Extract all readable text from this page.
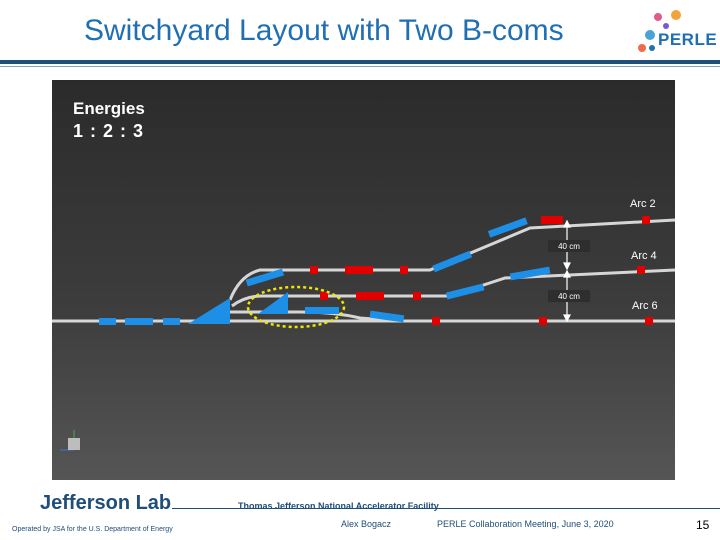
Switchyard Layout with Two B-coms	PERLE
Energies
1 : 2 : 3
40 cm
40 cm
Arc 2
Arc 4
Arc 6
Jefferson Lab
Operated by JSA for the U.S. Department of Energy
Thomas Jefferson National Accelerator Facility
Alex Bogacz	PERLE Collaboration Meeting, June 3, 2020	15
